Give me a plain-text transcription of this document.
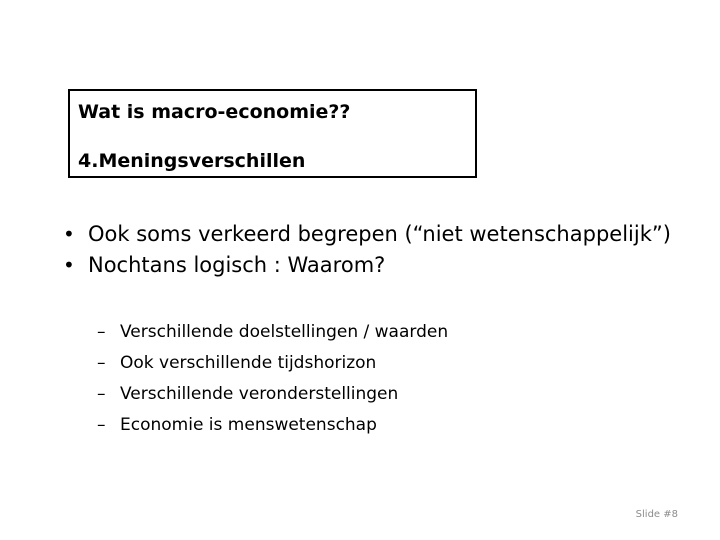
Wat is macro-economie??
4.Meningsverschillen

• Ook soms verkeerd begrepen (“niet wetenschappelijk”)

• Nochtans logisch : Waarom?

– Verschillende doelstellingen / waarden
– Ook verschillende tijdshorizon
– Verschillende veronderstellingen
– Economie is menswetenschap
Slide #8
